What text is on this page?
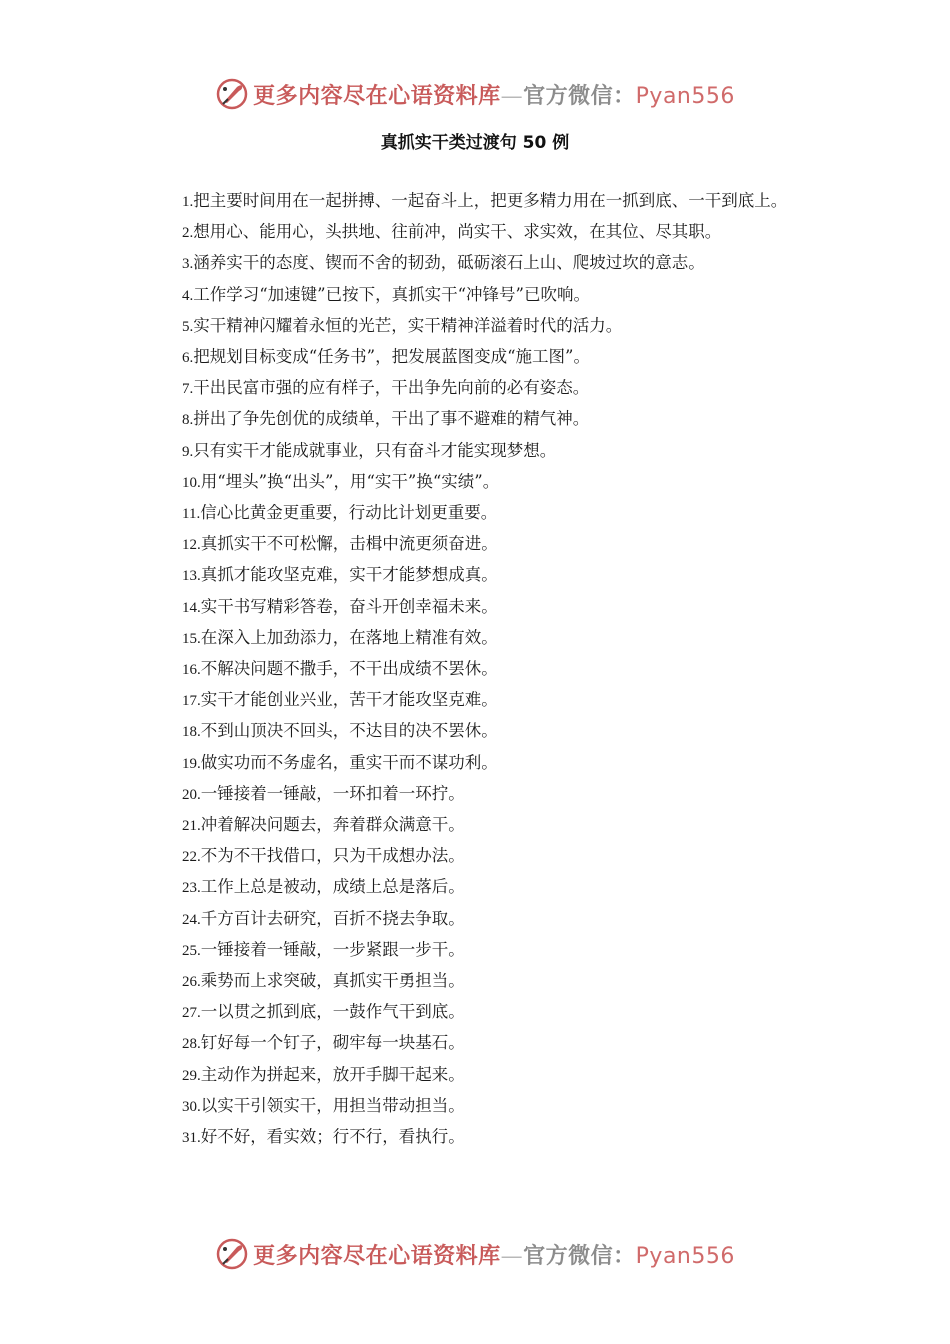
更多内容尽在心语资料库—官方微信：Pyan556
真抓实干类过渡句 50 例
1.把主要时间用在一起拼搏、一起奋斗上，把更多精力用在一抓到底、一干到底上。
2.想用心、能用心，头拱地、往前冲，尚实干、求实效，在其位、尽其职。
3.涵养实干的态度、锲而不舍的韧劲，砥砺滚石上山、爬坡过坎的意志。
4.工作学习“加速键”已按下，真抓实干“冲锋号”已吹响。
5.实干精神闪耀着永恒的光芒，实干精神洋溢着时代的活力。
6.把规划目标变成“任务书”，把发展蓝图变成“施工图”。
7.干出民富市强的应有样子，干出争先向前的必有姿态。
8.拼出了争先创优的成绩单，干出了事不避难的精气神。
9.只有实干才能成就事业，只有奋斗才能实现梦想。
10.用“埋头”换“出头”，用“实干”换“实绩”。
11.信心比黄金更重要，行动比计划更重要。
12.真抓实干不可松懈，击楫中流更须奋进。
13.真抓才能攻坚克难，实干才能梦想成真。
14.实干书写精彩答卷，奋斗开创幸福未来。
15.在深入上加劲添力，在落地上精准有效。
16.不解决问题不撒手，不干出成绩不罢休。
17.实干才能创业兴业，苦干才能攻坚克难。
18.不到山顶决不回头，不达目的决不罢休。
19.做实功而不务虚名，重实干而不谋功利。
20.一锤接着一锤敲，一环扣着一环拧。
21.冲着解决问题去，奔着群众满意干。
22.不为不干找借口，只为干成想办法。
23.工作上总是被动，成绩上总是落后。
24.千方百计去研究，百折不挠去争取。
25.一锤接着一锤敲，一步紧跟一步干。
26.乘势而上求突破，真抓实干勇担当。
27.一以贯之抓到底，一鼓作气干到底。
28.钉好每一个钉子，砌牢每一块基石。
29.主动作为拼起来，放开手脚干起来。
30.以实干引领实干，用担当带动担当。
31.好不好，看实效；行不行，看执行。
更多内容尽在心语资料库—官方微信：Pyan556
